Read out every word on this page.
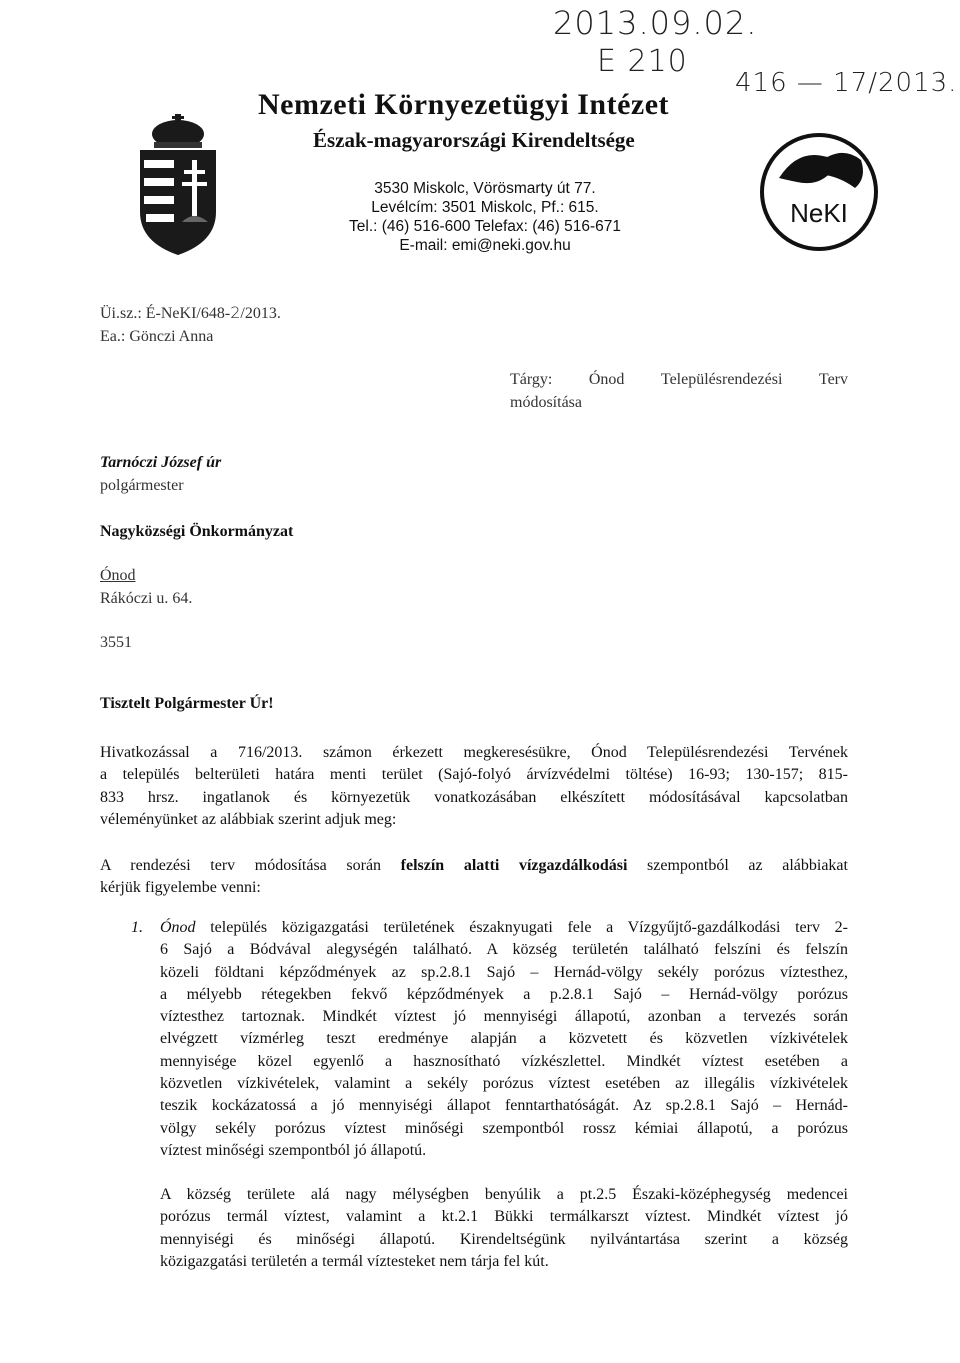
2013.09.02.
E 210
416 — 17/2013.
Nemzeti Környezetügyi Intézet
Észak-magyarországi Kirendeltsége
3530 Miskolc, Vörösmarty út 77.
Levélcím: 3501 Miskolc, Pf.: 615.
Tel.: (46) 516-600 Telefax: (46) 516-671
E-mail: emi@neki.gov.hu
NeKI
Üi.sz.: É-NeKI/648-2/2013.
Ea.: Gönczi Anna
Tárgy: Ónod Településrendezési Terv
módosítása
Tarnóczi József úr
polgármester
Nagyközségi Önkormányzat
Ónod
Rákóczi u. 64.
3551
Tisztelt Polgármester Úr!
Hivatkozással a 716/2013. számon érkezett megkeresésükre, Ónod Településrendezési Tervének
a település belterületi határa menti terület (Sajó-folyó árvízvédelmi töltése) 16-93; 130-157; 815-
833 hrsz. ingatlanok és környezetük vonatkozásában elkészített módosításával kapcsolatban
véleményünket az alábbiak szerint adjuk meg:
A rendezési terv módosítása során felszín alatti vízgazdálkodási szempontból az alábbiakat
kérjük figyelembe venni:
1. Ónod település közigazgatási területének északnyugati fele a Vízgyűjtő-gazdálkodási terv 2-
6 Sajó a Bódvával alegységén található. A község területén található felszíni és felszín
közeli földtani képződmények az sp.2.8.1 Sajó – Hernád-völgy sekély porózus víztesthez,
a mélyebb rétegekben fekvő képződmények a p.2.8.1 Sajó – Hernád-völgy porózus
víztesthez tartoznak. Mindkét víztest jó mennyiségi állapotú, azonban a tervezés során
elvégzett vízmérleg teszt eredménye alapján a közvetett és közvetlen vízkivételek
mennyisége közel egyenlő a hasznosítható vízkészlettel. Mindkét víztest esetében a
közvetlen vízkivételek, valamint a sekély porózus víztest esetében az illegális vízkivételek
teszik kockázatossá a jó mennyiségi állapot fenntarthatóságát. Az sp.2.8.1 Sajó – Hernád-
völgy sekély porózus víztest minőségi szempontból rossz kémiai állapotú, a porózus
víztest minőségi szempontból jó állapotú.
A község területe alá nagy mélységben benyúlik a pt.2.5 Északi-középhegység medencei
porózus termál víztest, valamint a kt.2.1 Bükki termálkarszt víztest. Mindkét víztest jó
mennyiségi és minőségi állapotú. Kirendeltségünk nyilvántartása szerint a község
közigazgatási területén a termál víztesteket nem tárja fel kút.
